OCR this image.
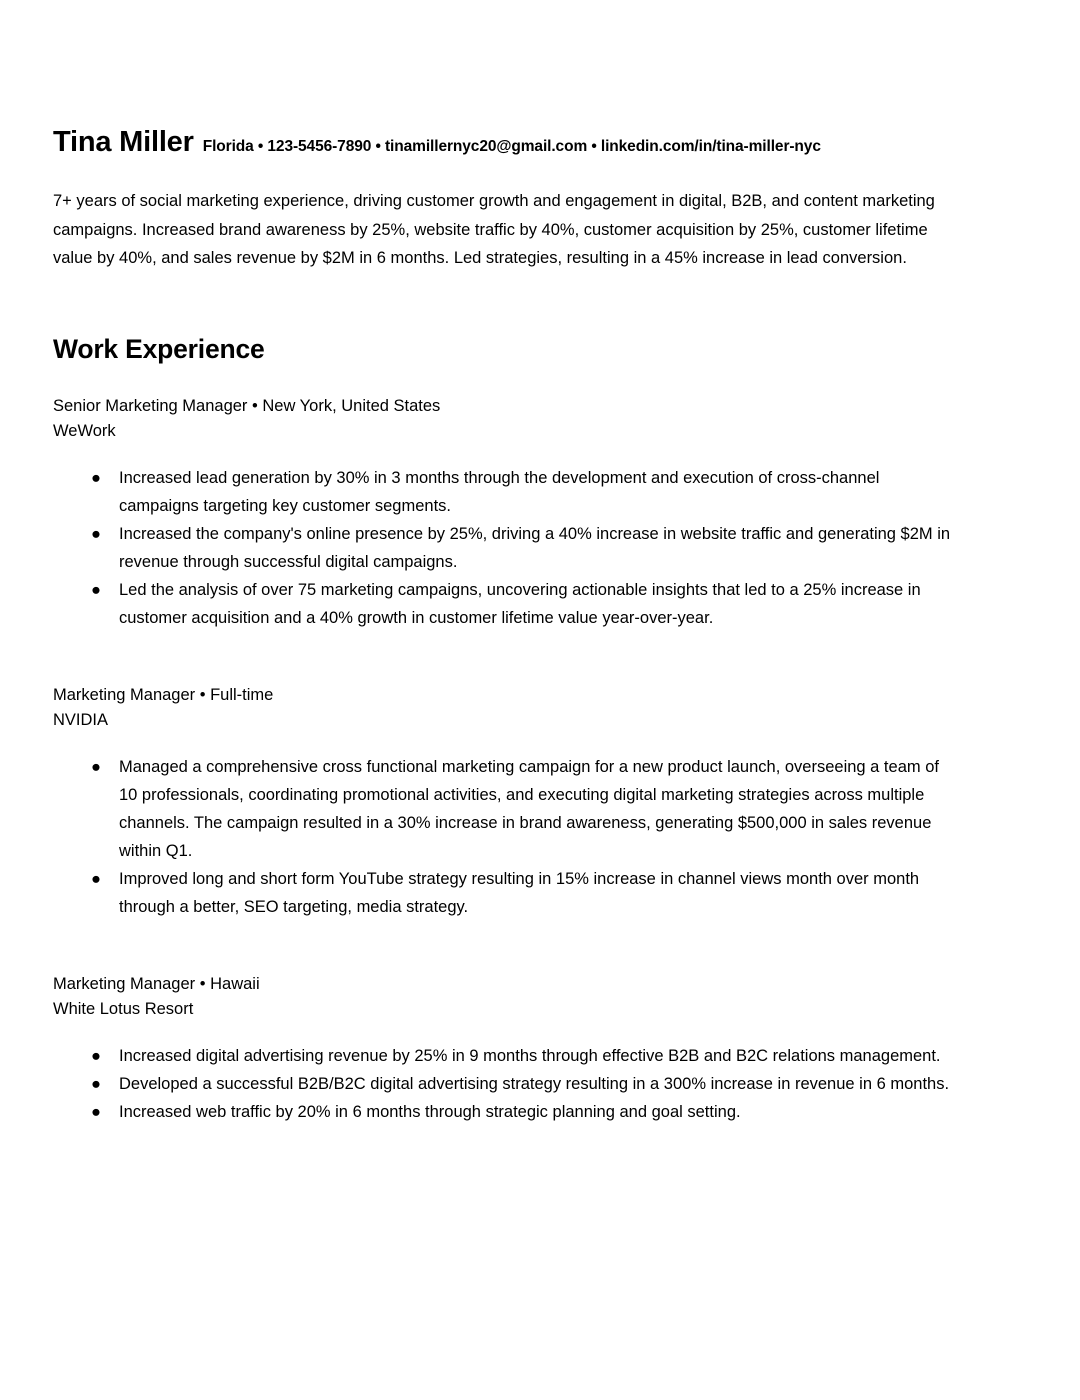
Tina Miller Florida • 123-5456-7890 • tinamillernyc20@gmail.com • linkedin.com/in/tina-miller-nyc
7+ years of social marketing experience, driving customer growth and engagement in digital, B2B, and content marketing campaigns. Increased brand awareness by 25%, website traffic by 40%, customer acquisition by 25%, customer lifetime value by 40%, and sales revenue by $2M in 6 months. Led strategies, resulting in a 45% increase in lead conversion.
Work Experience
Senior Marketing Manager • New York, United States
WeWork
● Increased lead generation by 30% in 3 months through the development and execution of cross-channel campaigns targeting key customer segments.
● Increased the company's online presence by 25%, driving a 40% increase in website traffic and generating $2M in revenue through successful digital campaigns.
● Led the analysis of over 75 marketing campaigns, uncovering actionable insights that led to a 25% increase in customer acquisition and a 40% growth in customer lifetime value year-over-year.
Marketing Manager • Full-time
NVIDIA
● Managed a comprehensive cross functional marketing campaign for a new product launch, overseeing a team of 10 professionals, coordinating promotional activities, and executing digital marketing strategies across multiple channels. The campaign resulted in a 30% increase in brand awareness, generating $500,000 in sales revenue within Q1.
● Improved long and short form YouTube strategy resulting in 15% increase in channel views month over month through a better, SEO targeting, media strategy.
Marketing Manager • Hawaii
White Lotus Resort
● Increased digital advertising revenue by 25% in 9 months through effective B2B and B2C relations management.
● Developed a successful B2B/B2C digital advertising strategy resulting in a 300% increase in revenue in 6 months.
● Increased web traffic by 20% in 6 months through strategic planning and goal setting.
